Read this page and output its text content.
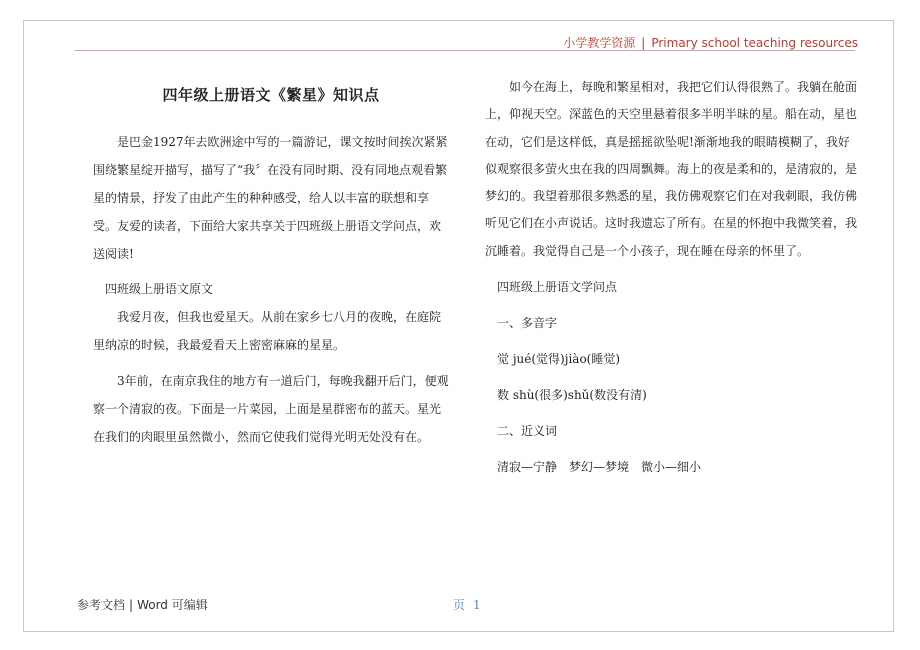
小学教学资源 | Primary school teaching resources
四年级上册语文《繁星》知识点

是巴金1927年去欧洲途中写的一篇游记，课文按时间挨次紧紧围绕繁星绽开描写，描写了“我〞在没有同时期、没有同地点观看繁星的情景，抒发了由此产生的种种感受，给人以丰富的联想和享受。友爱的读者，下面给大家共享关于四班级上册语文学问点，欢送阅读!

四班级上册语文原文

我爱月夜，但我也爱星天。从前在家乡七八月的夜晚，在庭院里纳凉的时候，我最爱看天上密密麻麻的星星。

3年前，在南京我住的地方有一道后门，每晚我翻开后门，便观察一个清寂的夜。下面是一片菜园，上面是星群密布的蓝天。星光在我们的肉眼里虽然微小，然而它使我们觉得光明无处没有在。

如今在海上，每晚和繁星相对，我把它们认得很熟了。我躺在舱面上，仰视天空。深蓝色的天空里悬着很多半明半昧的星。船在动，星也在动，它们是这样低，真是摇摇欲坠呢!渐渐地我的眼睛模糊了，我好似观察很多萤火虫在我的四周飘舞。海上的夜是柔和的，是清寂的，是梦幻的。我望着那很多熟悉的星，我仿佛观察它们在对我刺眼，我仿佛听见它们在小声说话。这时我遗忘了所有。在星的怀抱中我微笑着，我沉睡着。我觉得自己是一个小孩子，现在睡在母亲的怀里了。

四班级上册语文学问点

一、多音字

觉 jué(觉得)jiào(睡觉)

数 shù(很多)shǔ(数没有清)

二、近义词

清寂—宁静　梦幻—梦境　微小—细小

参考文档 | Word 可编辑	页 1
